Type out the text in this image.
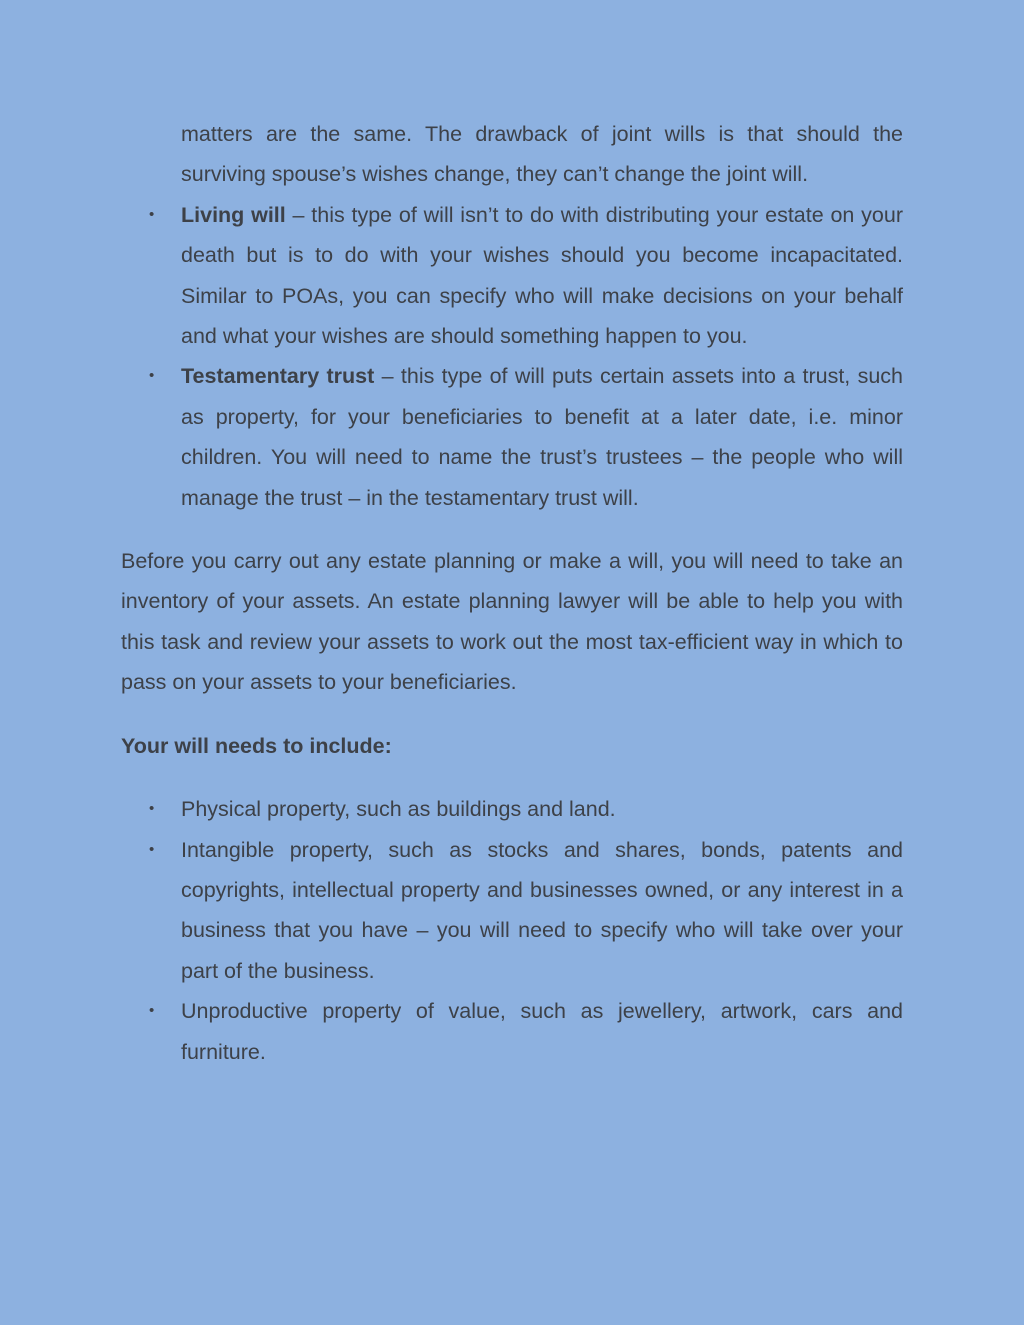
matters are the same. The drawback of joint wills is that should the surviving spouse’s wishes change, they can’t change the joint will.
• Living will – this type of will isn’t to do with distributing your estate on your death but is to do with your wishes should you become incapacitated. Similar to POAs, you can specify who will make decisions on your behalf and what your wishes are should something happen to you.
• Testamentary trust – this type of will puts certain assets into a trust, such as property, for your beneficiaries to benefit at a later date, i.e. minor children. You will need to name the trust’s trustees – the people who will manage the trust – in the testamentary trust will.

Before you carry out any estate planning or make a will, you will need to take an inventory of your assets. An estate planning lawyer will be able to help you with this task and review your assets to work out the most tax-efficient way in which to pass on your assets to your beneficiaries.

Your will needs to include:

• Physical property, such as buildings and land.
• Intangible property, such as stocks and shares, bonds, patents and copyrights, intellectual property and businesses owned, or any interest in a business that you have – you will need to specify who will take over your part of the business.
• Unproductive property of value, such as jewellery, artwork, cars and furniture.
